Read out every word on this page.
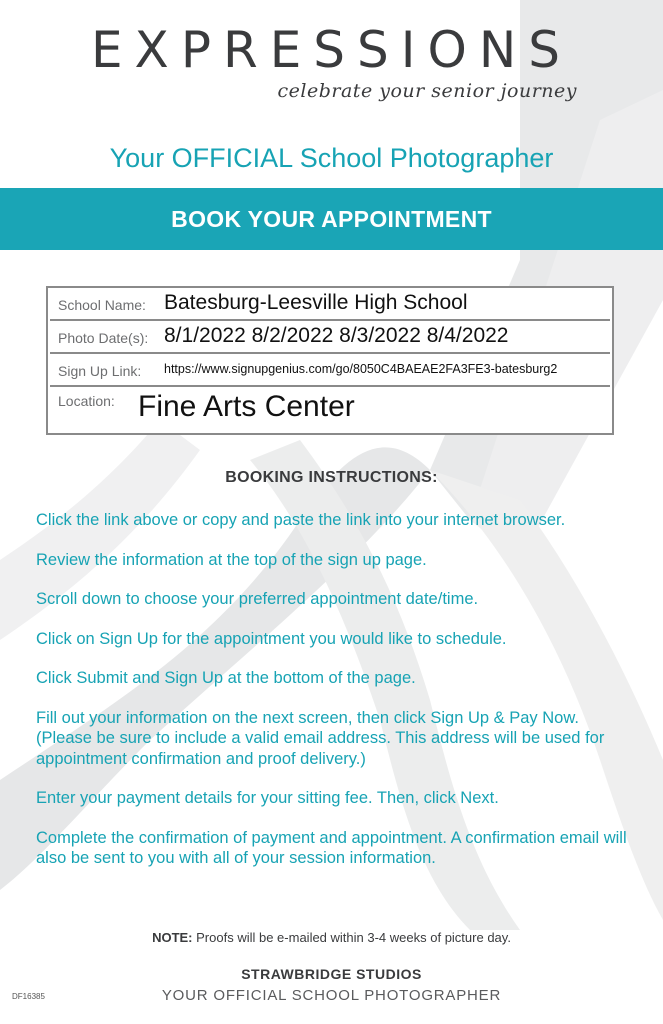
EXPRESSIONS
celebrate your senior journey
Your OFFICIAL School Photographer
BOOK YOUR APPOINTMENT
School Name: Batesburg-Leesville High School
Photo Date(s): 8/1/2022 8/2/2022 8/3/2022 8/4/2022
Sign Up Link: https://www.signupgenius.com/go/8050C4BAEAE2FA3FE3-batesburg2
Location: Fine Arts Center
BOOKING INSTRUCTIONS:
Click the link above or copy and paste the link into your internet browser.
Review the information at the top of the sign up page.
Scroll down to choose your preferred appointment date/time.
Click on Sign Up for the appointment you would like to schedule.
Click Submit and Sign Up at the bottom of the page.
Fill out your information on the next screen, then click Sign Up & Pay Now. (Please be sure to include a valid email address. This address will be used for appointment confirmation and proof delivery.)
Enter your payment details for your sitting fee. Then, click Next.
Complete the confirmation of payment and appointment. A confirmation email will also be sent to you with all of your session information.
NOTE: Proofs will be e-mailed within 3-4 weeks of picture day.
STRAWBRIDGE STUDIOS
YOUR OFFICIAL SCHOOL PHOTOGRAPHER
DF16385
